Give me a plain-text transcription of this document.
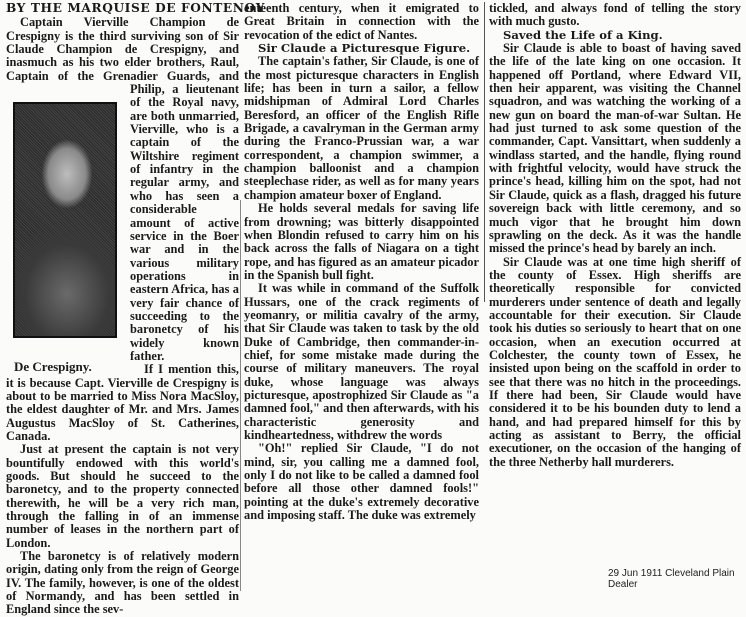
BY THE MARQUISE DE FONTENOY
De Crespigny.

Captain Vierville Champion de Crespigny is the third surviving son of Sir Claude Champion de Crespigny, and inasmuch as his two elder brothers, Raul, Captain of the Grenadier Guards, and Philip, a lieutenant of the Royal navy, are both unmarried, Vierville, who is a captain of the Wiltshire regiment of infantry in the regular army, and who has seen a considerable amount of active service in the Boer war and in the various military operations in eastern Africa, has a very fair chance of succeeding to the baronetcy of his widely known father.

If I mention this, it is because Capt. Vierville de Crespigny is about to be married to Miss Nora MacSloy, the eldest daughter of Mr. and Mrs. James Augustus MacSloy of St. Catherines, Canada.

Just at present the captain is not very bountifully endowed with this world's goods. But should he succeed to the baronetcy, and to the property connected therewith, he will be a very rich man, through the falling in of an immense number of leases in the northern part of London.

The baronetcy is of relatively modern origin, dating only from the reign of George IV. The family, however, is one of the oldest of Normandy, and has been settled in England since the sev-

enteenth century, when it emigrated to Great Britain in connection with the revocation of the edict of Nantes.

Sir Claude a Picturesque Figure.

The captain's father, Sir Claude, is one of the most picturesque characters in English life; has been in turn a sailor, a fellow midshipman of Admiral Lord Charles Beresford, an officer of the English Rifle Brigade, a cavalryman in the German army during the Franco-Prussian war, a war correspondent, a champion swimmer, a champion balloonist and a champion steeplechase rider, as well as for many years champion amateur boxer of England.

He holds several medals for saving life from drowning; was bitterly disappointed when Blondin refused to carry him on his back across the falls of Niagara on a tight rope, and has figured as an amateur picador in the Spanish bull fight.

It was while in command of the Suffolk Hussars, one of the crack regiments of yeomanry, or militia cavalry of the army, that Sir Claude was taken to task by the old Duke of Cambridge, then commander-in-chief, for some mistake made during the course of military maneuvers. The royal duke, whose language was always picturesque, apostrophized Sir Claude as "a damned fool," and then afterwards, with his characteristic generosity and kindheartedness, withdrew the words

"Oh!" replied Sir Claude, "I do not mind, sir, you calling me a damned fool, only I do not like to be called a damned fool before all those other damned fools!" pointing at the duke's extremely decorative and imposing staff. The duke was extremely

tickled, and always fond of telling the story with much gusto.

Saved the Life of a King.

Sir Claude is able to boast of having saved the life of the late king on one occasion. It happened off Portland, where Edward VII, then heir apparent, was visiting the Channel squadron, and was watching the working of a new gun on board the man-of-war Sultan. He had just turned to ask some question of the commander, Capt. Vansittart, when suddenly a windlass started, and the handle, flying round with frightful velocity, would have struck the prince's head, killing him on the spot, had not Sir Claude, quick as a flash, dragged his future sovereign back with little ceremony, and so much vigor that he brought him down sprawling on the deck. As it was the handle missed the prince's head by barely an inch.

Sir Claude was at one time high sheriff of the county of Essex. High sheriffs are theoretically responsible for convicted murderers under sentence of death and legally accountable for their execution. Sir Claude took his duties so seriously to heart that on one occasion, when an execution occurred at Colchester, the county town of Essex, he insisted upon being on the scaffold in order to see that there was no hitch in the proceedings. If there had been, Sir Claude would have considered it to be his bounden duty to lend a hand, and had prepared himself for this by acting as assistant to Berry, the official executioner, on the occasion of the hanging of the three Netherby hall murderers.

29 Jun 1911 Cleveland Plain Dealer
